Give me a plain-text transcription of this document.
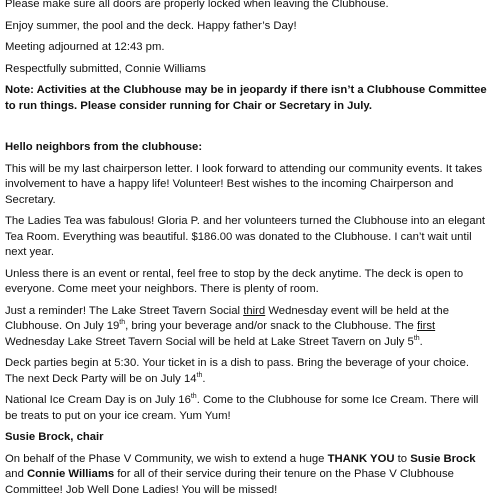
Please make sure all doors are properly locked when leaving the Clubhouse.

Enjoy summer, the pool and the deck. Happy father’s Day!

Meeting adjourned at 12:43 pm.

Respectfully submitted, Connie Williams

Note: Activities at the Clubhouse may be in jeopardy if there isn’t a Clubhouse Committee to run things. Please consider running for Chair or Secretary in July.

Hello neighbors from the clubhouse:

This will be my last chairperson letter. I look forward to attending our community events. It takes involvement to have a happy life! Volunteer! Best wishes to the incoming Chairperson and Secretary.

The Ladies Tea was fabulous! Gloria P. and her volunteers turned the Clubhouse into an elegant Tea Room. Everything was beautiful. $186.00 was donated to the Clubhouse. I can’t wait until next year.

Unless there is an event or rental, feel free to stop by the deck anytime. The deck is open to everyone. Come meet your neighbors. There is plenty of room.

Just a reminder! The Lake Street Tavern Social third Wednesday event will be held at the Clubhouse. On July 19th, bring your beverage and/or snack to the Clubhouse. The first Wednesday Lake Street Tavern Social will be held at Lake Street Tavern on July 5th.

Deck parties begin at 5:30. Your ticket in is a dish to pass. Bring the beverage of your choice. The next Deck Party will be on July 14th.

National Ice Cream Day is on July 16th. Come to the Clubhouse for some Ice Cream. There will be treats to put on your ice cream. Yum Yum!

Susie Brock, chair

On behalf of the Phase V Community, we wish to extend a huge THANK YOU to Susie Brock and Connie Williams for all of their service during their tenure on the Phase V Clubhouse Committee! Job Well Done Ladies! You will be missed!
